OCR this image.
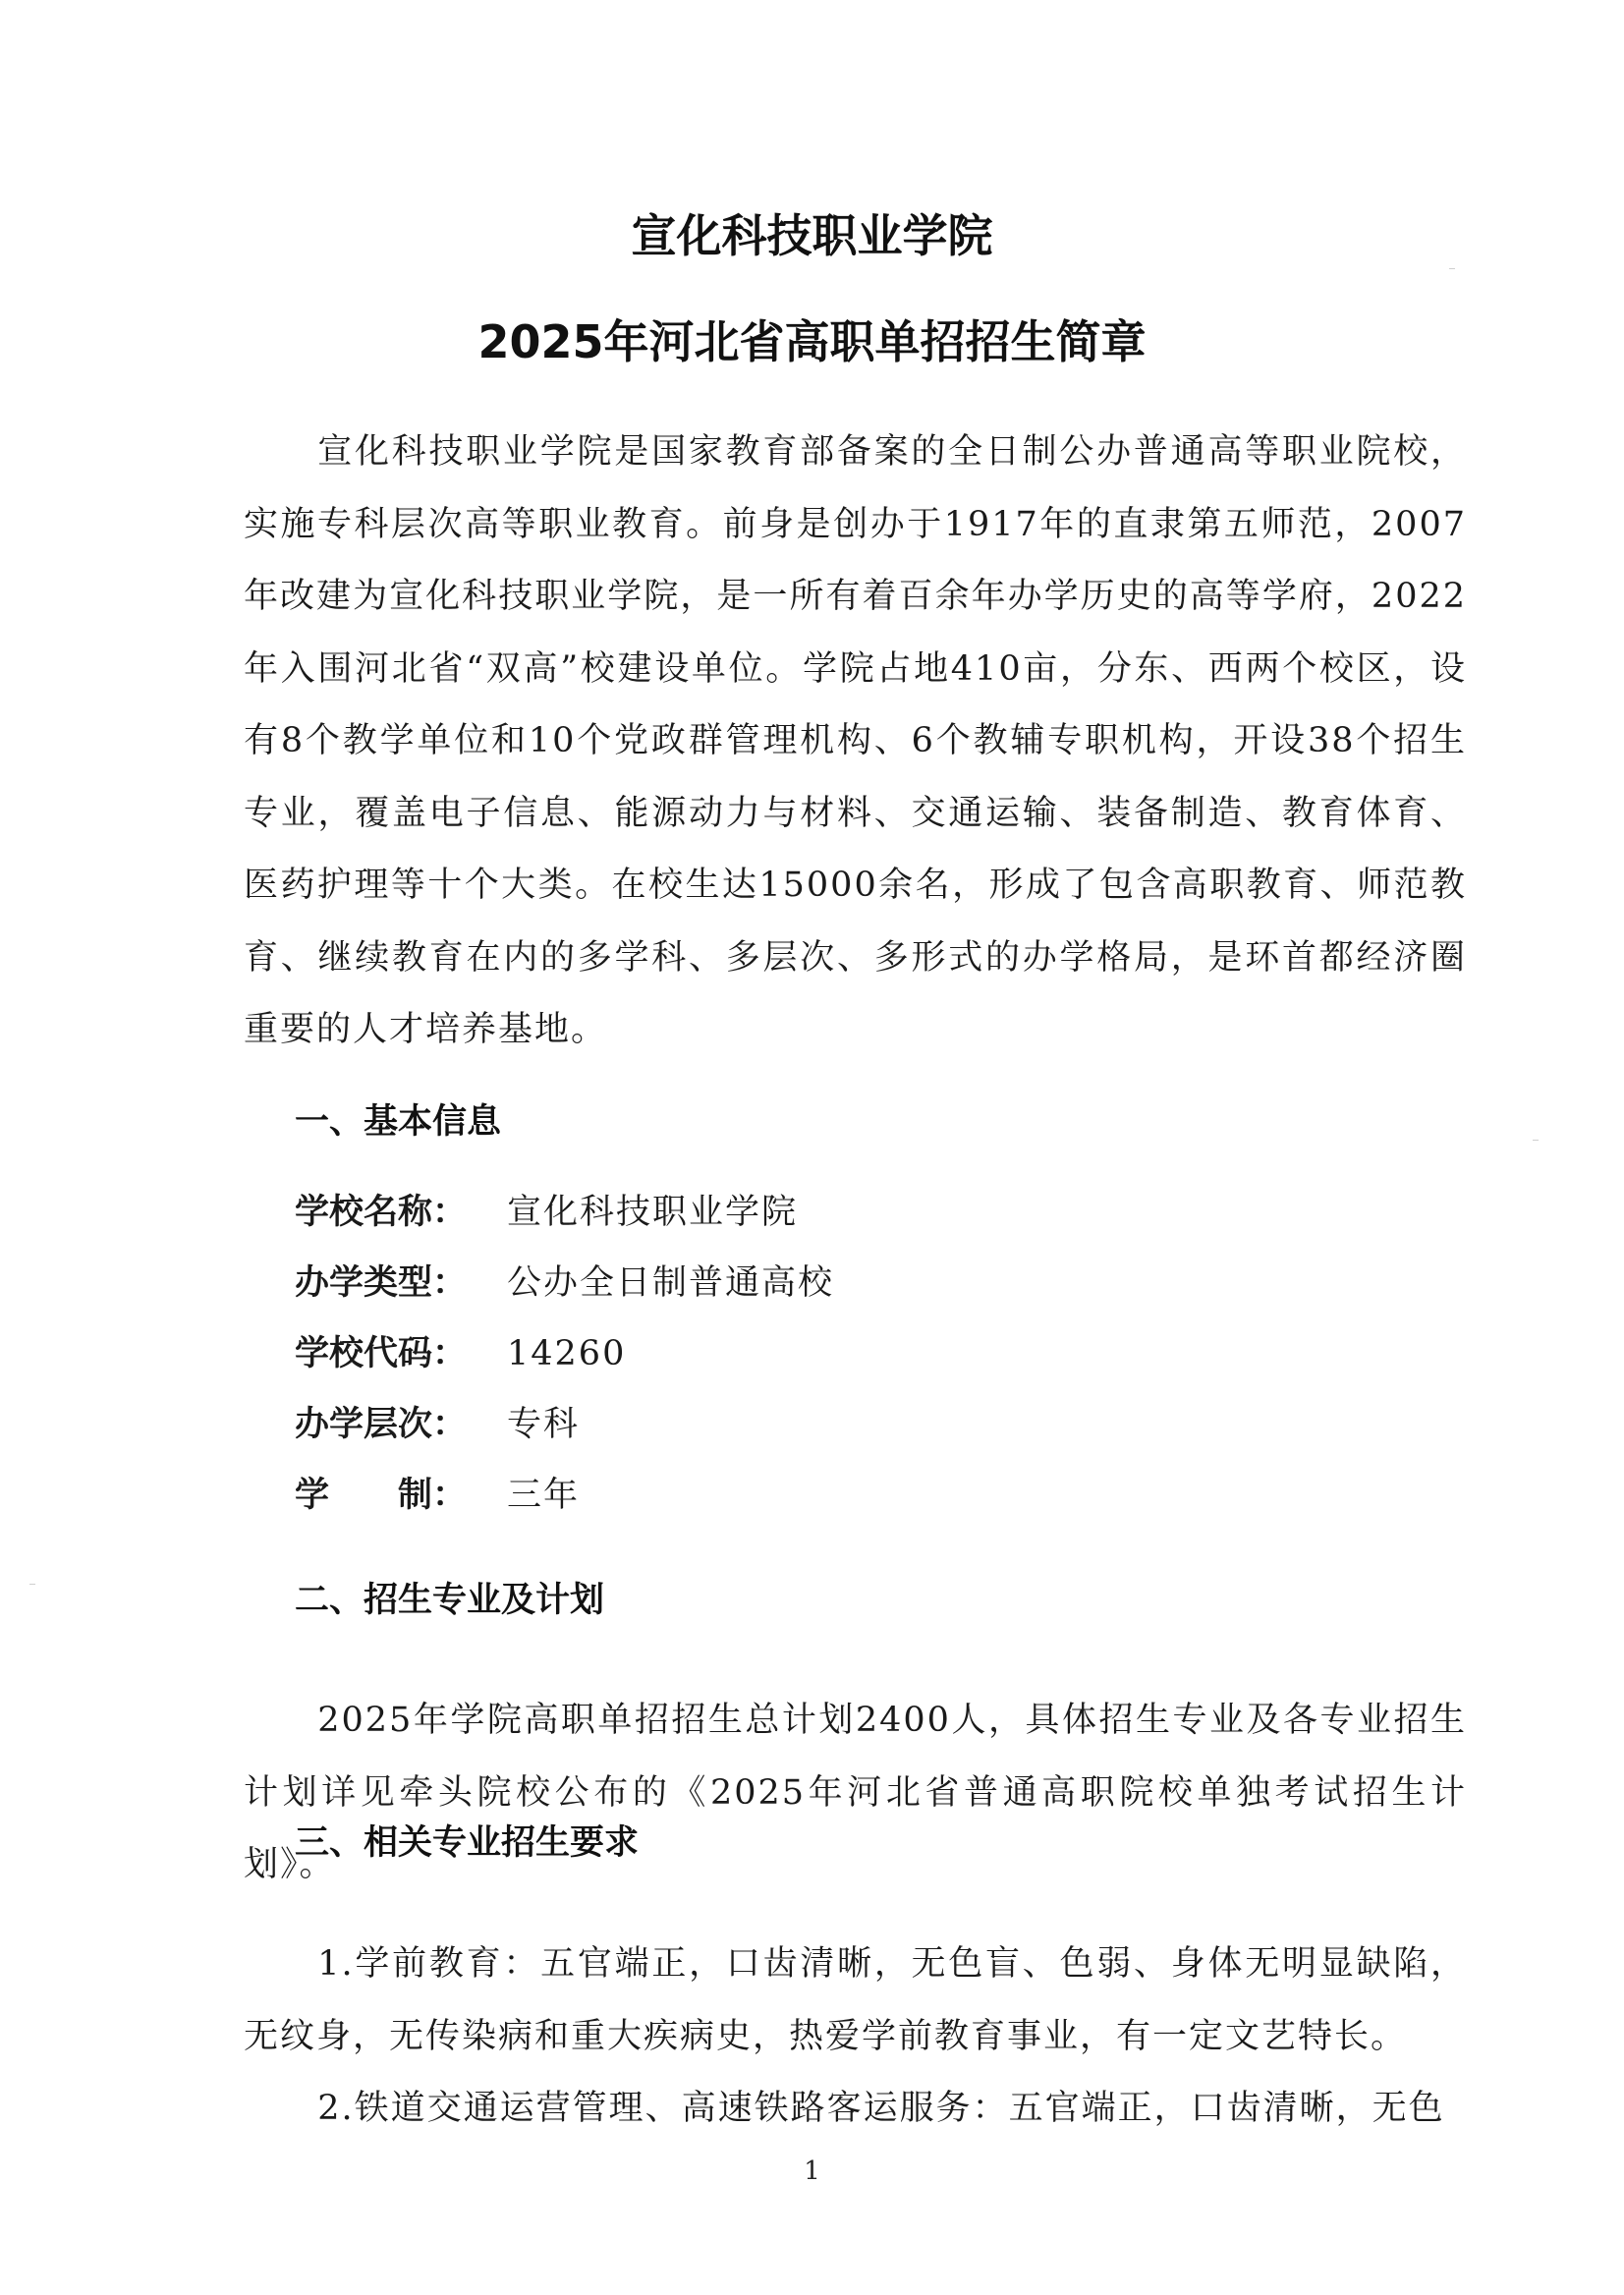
宣化科技职业学院
2025年河北省高职单招招生简章
宣化科技职业学院是国家教育部备案的全日制公办普通高等职业院校，实施专科层次高等职业教育。前身是创办于1917年的直隶第五师范，2007年改建为宣化科技职业学院，是一所有着百余年办学历史的高等学府，2022年入围河北省“双高”校建设单位。学院占地410亩，分东、西两个校区，设有8个教学单位和10个党政群管理机构、6个教辅专职机构，开设38个招生专业，覆盖电子信息、能源动力与材料、交通运输、装备制造、教育体育、医药护理等十个大类。在校生达15000余名，形成了包含高职教育、师范教育、继续教育在内的多学科、多层次、多形式的办学格局，是环首都经济圈重要的人才培养基地。
一、基本信息
学校名称： 宣化科技职业学院
办学类型： 公办全日制普通高校
学校代码： 14260
办学层次： 专科
学　　制： 三年
二、招生专业及计划
2025年学院高职单招招生总计划2400人，具体招生专业及各专业招生计划详见牵头院校公布的《2025年河北省普通高职院校单独考试招生计划》。
三、相关专业招生要求
1.学前教育：五官端正，口齿清晰，无色盲、色弱、身体无明显缺陷，无纹身，无传染病和重大疾病史，热爱学前教育事业，有一定文艺特长。
2.铁道交通运营管理、高速铁路客运服务：五官端正，口齿清晰，无色
1
